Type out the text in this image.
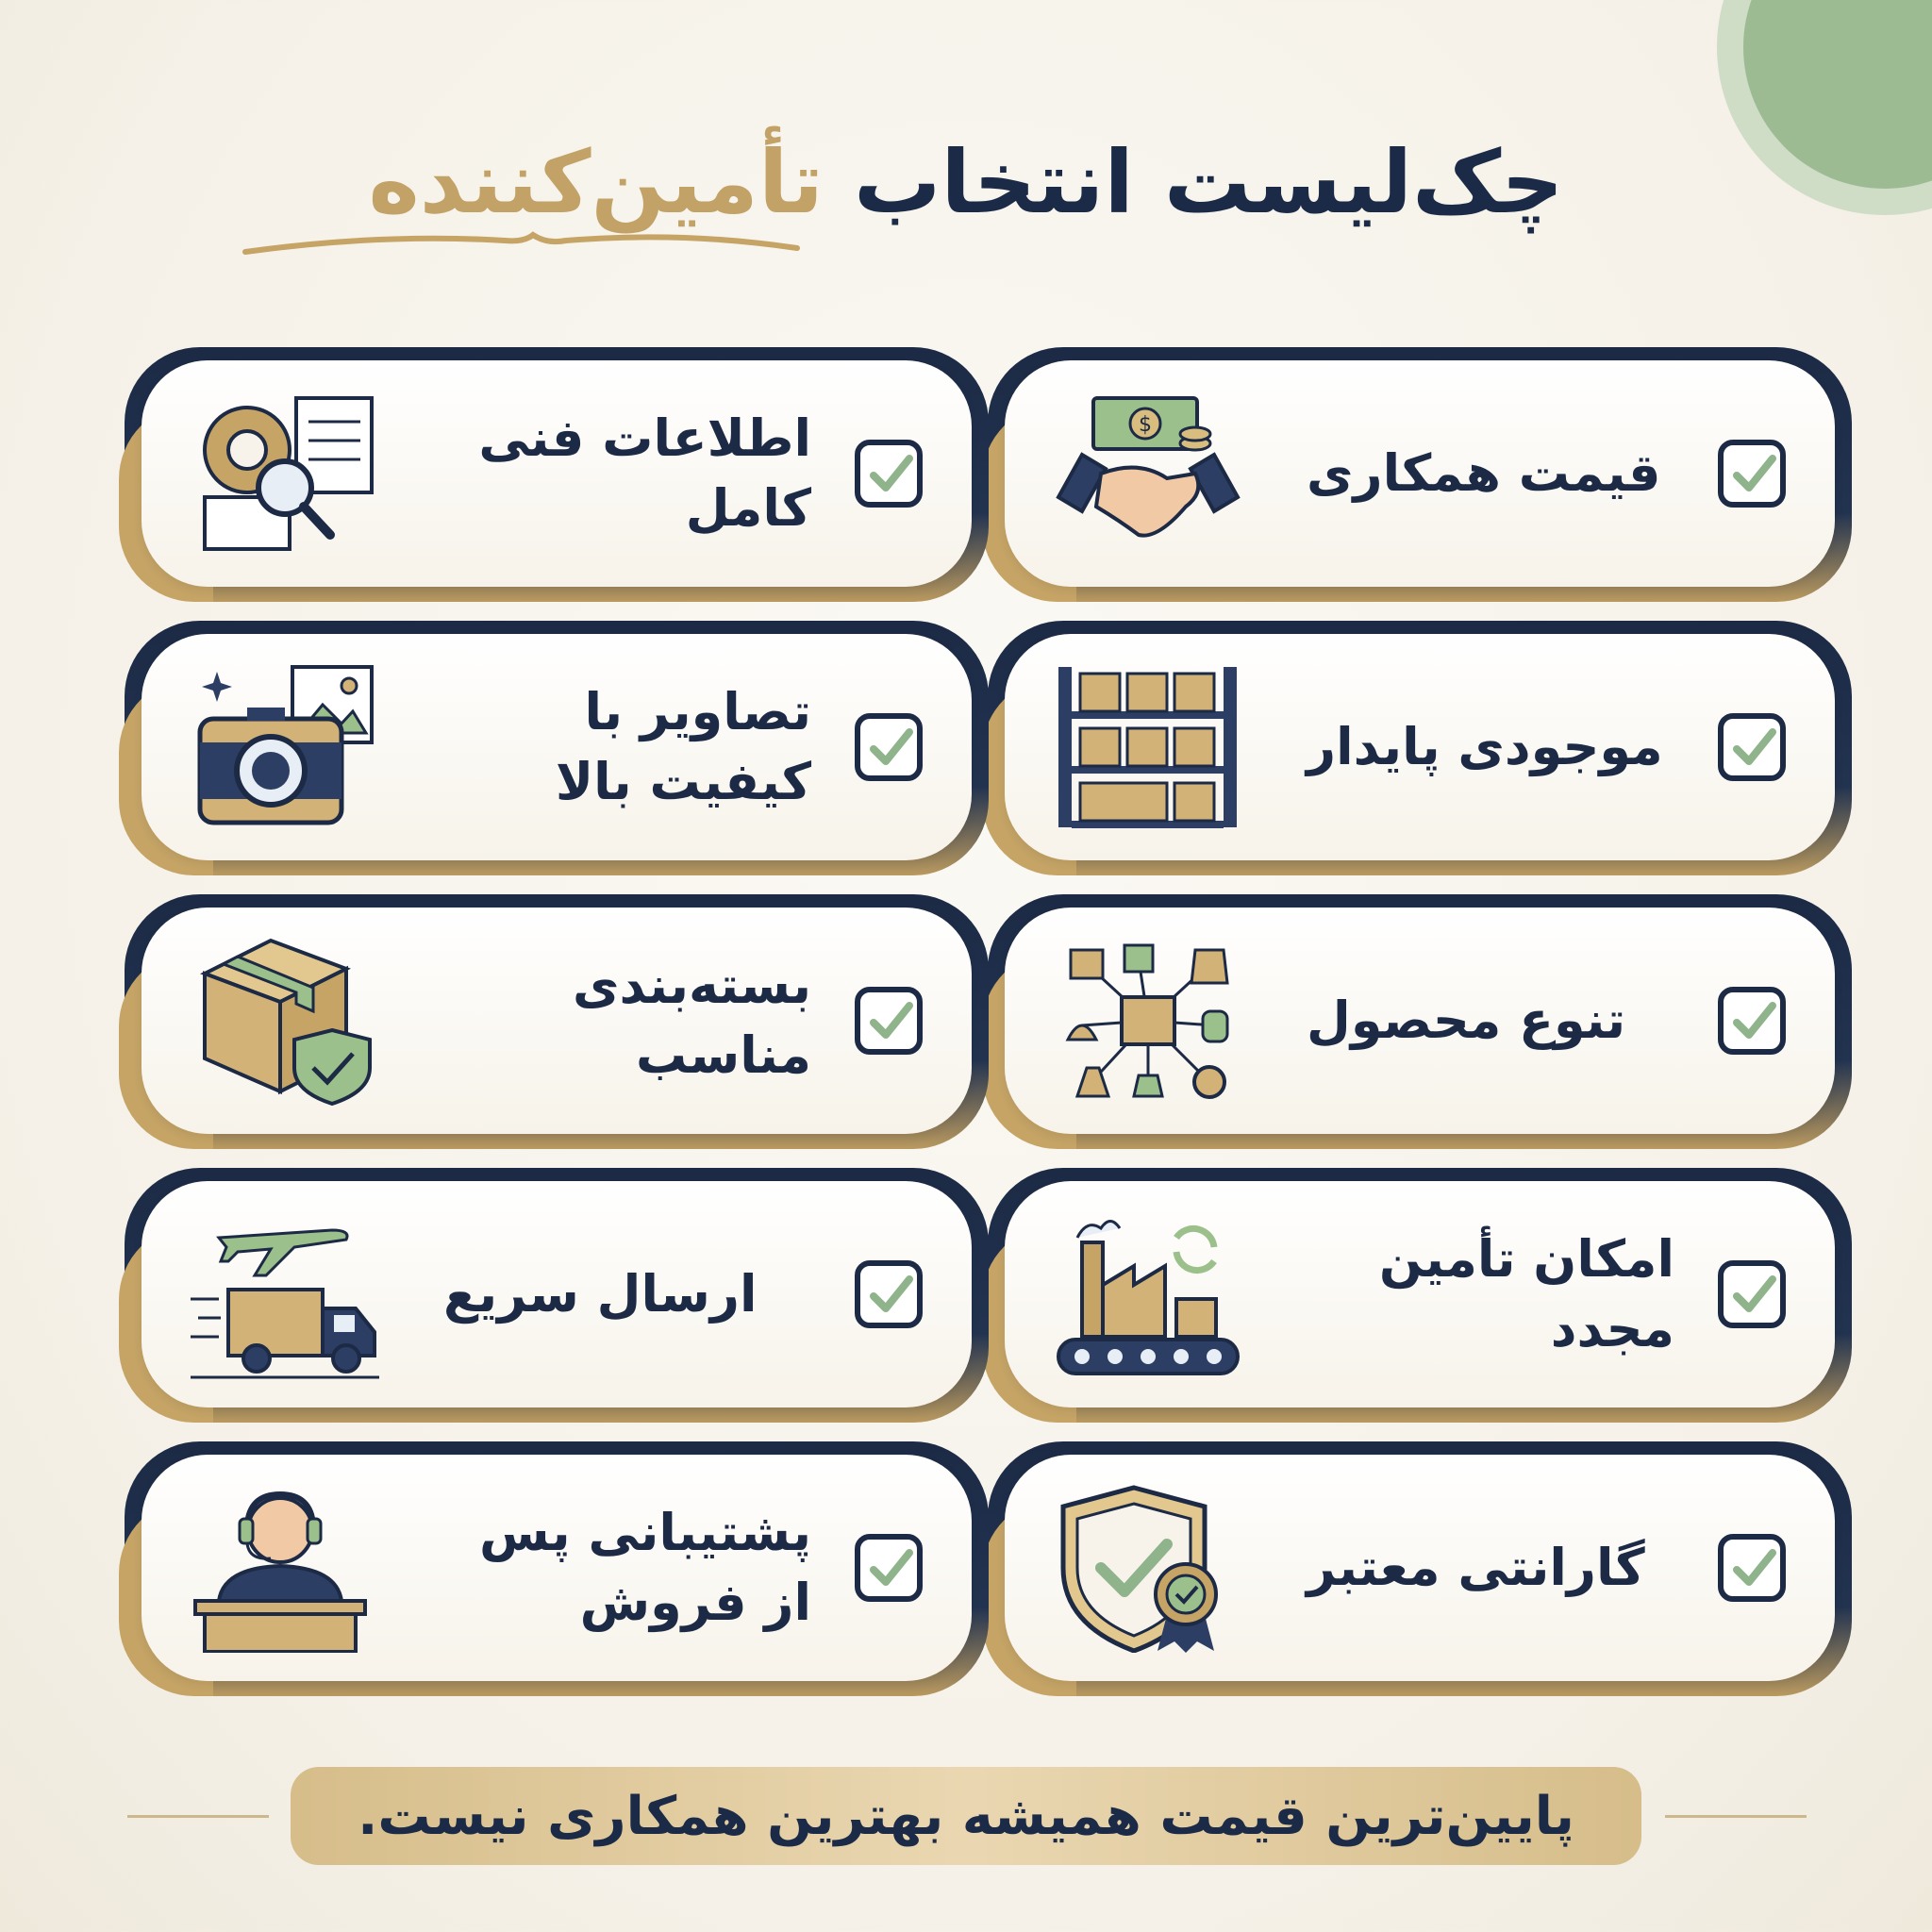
چک‌لیست انتخاب تأمین‌کننده
قیمت همکاری
$
اطلاعات فنی کامل
موجودی پایدار
تصاویر با کیفیت بالا
تنوع محصول
بسته‌بندی مناسب
امکان تأمین مجدد
ارسال سریع
گارانتی معتبر
پشتیبانی پس از فروش
پایین‌ترین قیمت همیشه بهترین همکاری نیست.
